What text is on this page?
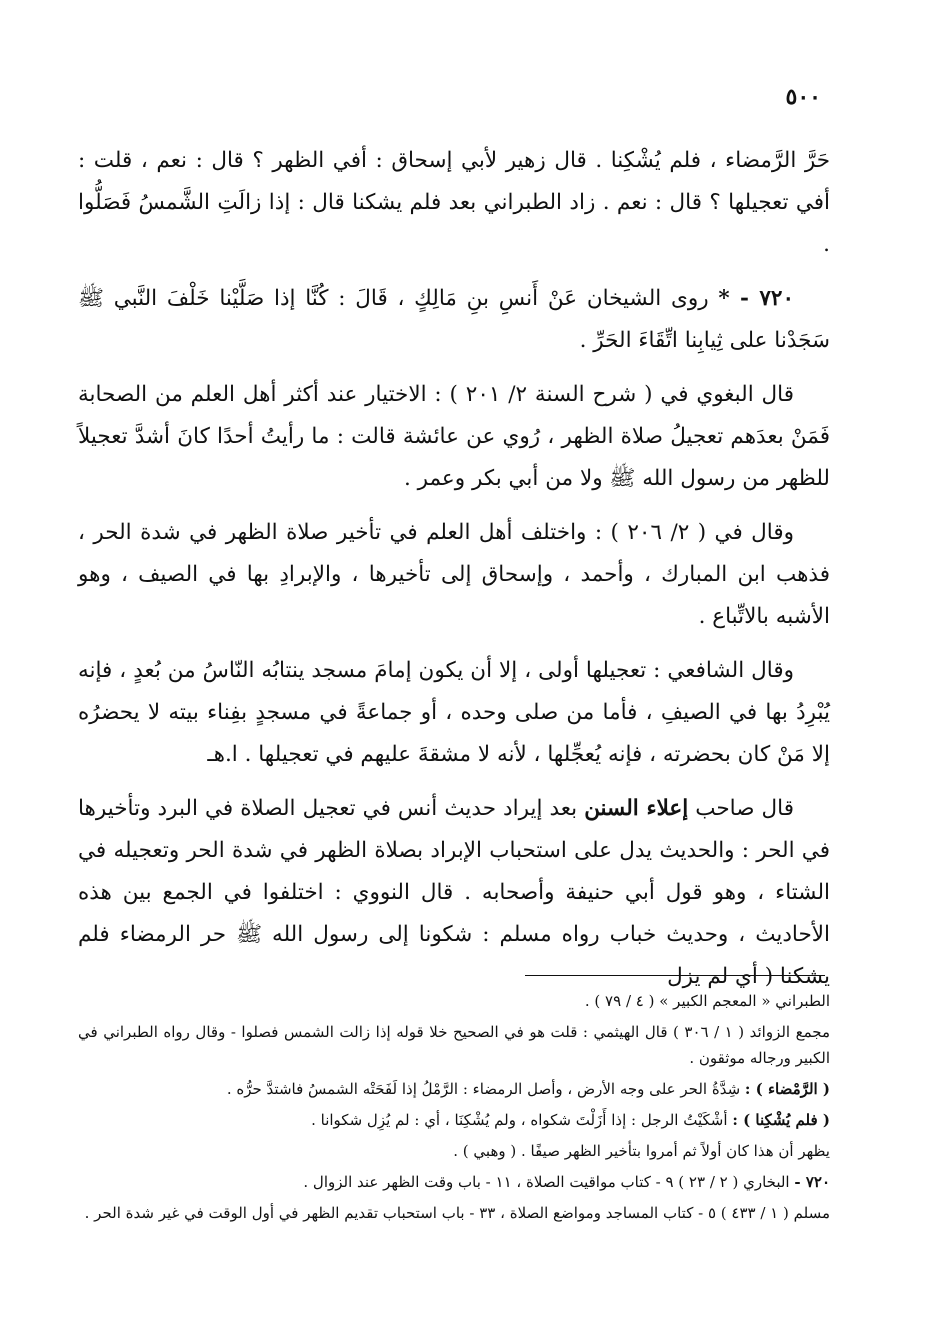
٥٠٠

حَرَّ الرَّمضاء ، فلم يُشْكِنا . قال زهير لأبي إسحاق : أفي الظهر ؟ قال : نعم ، قلت : أفي تعجيلها ؟ قال : نعم . زاد الطبراني بعد فلم يشكنا قال : إذا زالَتِ الشَّمسُ فَصَلُّوا .

٧٢٠ - * روى الشيخان عَنْ أَنسِ بنِ مَالِكٍ ، قَالَ : كُنَّا إذا صَلَّيْنا خَلْفَ النَّبي ﷺ سَجَدْنا على ثِيابِنا اتِّقَاءَ الحَرِّ .

قال البغوي في ( شرح السنة ٢/ ٢٠١ ) : الاختيار عند أكثر أهل العلم من الصحابة فَمَنْ بعدَهم تعجيلُ صلاة الظهر ، رُوي عن عائشة قالت : ما رأيتُ أحدًا كانَ أشدَّ تعجيلاً للظهر من رسول الله ﷺ ولا من أبي بكر وعمر .

وقال في ( ٢/ ٢٠٦ ) : واختلف أهل العلم في تأخير صلاة الظهر في شدة الحر ، فذهب ابن المبارك ، وأحمد ، وإسحاق إلى تأخيرها ، والإبرادِ بها في الصيف ، وهو الأشبه بالاتِّباع .

وقال الشافعي : تعجيلها أولى ، إلا أن يكون إمامَ مسجد ينتابُه النّاسُ من بُعدٍ ، فإنه يُبْرِدُ بها في الصيفِ ، فأما من صلى وحده ، أو جماعةً في مسجدٍ بفِناء بيته لا يحضرُه إلا مَنْ كان بحضرته ، فإنه يُعجِّلها ، لأنه لا مشقةَ عليهم في تعجيلها . ا.هـ

قال صاحب إعلاء السنن بعد إيراد حديث أنس في تعجيل الصلاة في البرد وتأخيرها في الحر : والحديث يدل على استحباب الإبراد بصلاة الظهر في شدة الحر وتعجيله في الشتاء ، وهو قول أبي حنيفة وأصحابه . قال النووي : اختلفوا في الجمع بين هذه الأحاديث ، وحديث خباب رواه مسلم : شكونا إلى رسول الله ﷺ حر الرمضاء فلم يشكنا ( أي لم يزل

الطبراني « المعجم الكبير » ( ٤ / ٧٩ ) .

مجمع الزوائد ( ١ / ٣٠٦ ) قال الهيثمي : قلت هو في الصحيح خلا قوله إذا زالت الشمس فصلوا - وقال رواه الطبراني في الكبير ورجاله موثقون .

( الرَّمْضاء ) : شِدَّةُ الحر على وجه الأرض ، وأصل الرمضاء : الرَّمْلُ إذا لَفَحَتْه الشمسُ فاشتدَّ حرُّه .

( فلم يُشْكِنا ) : أشْكَيْتُ الرجل : إذا أَزَلْتَ شكواه ، ولم يُشْكِنَا ، أي : لم يُزِل شكوانا .

يظهر أن هذا كان أولاً ثم أمروا بتأخير الظهر صيفًا . ( وهبي ) .

٧٢٠ - البخاري ( ٢ / ٢٣ ) ٩ - كتاب مواقيت الصلاة ، ١١ - باب وقت الظهر عند الزوال .

مسلم ( ١ / ٤٣٣ ) ٥ - كتاب المساجد ومواضع الصلاة ، ٣٣ - باب استحباب تقديم الظهر في أول الوقت في غير شدة الحر .
